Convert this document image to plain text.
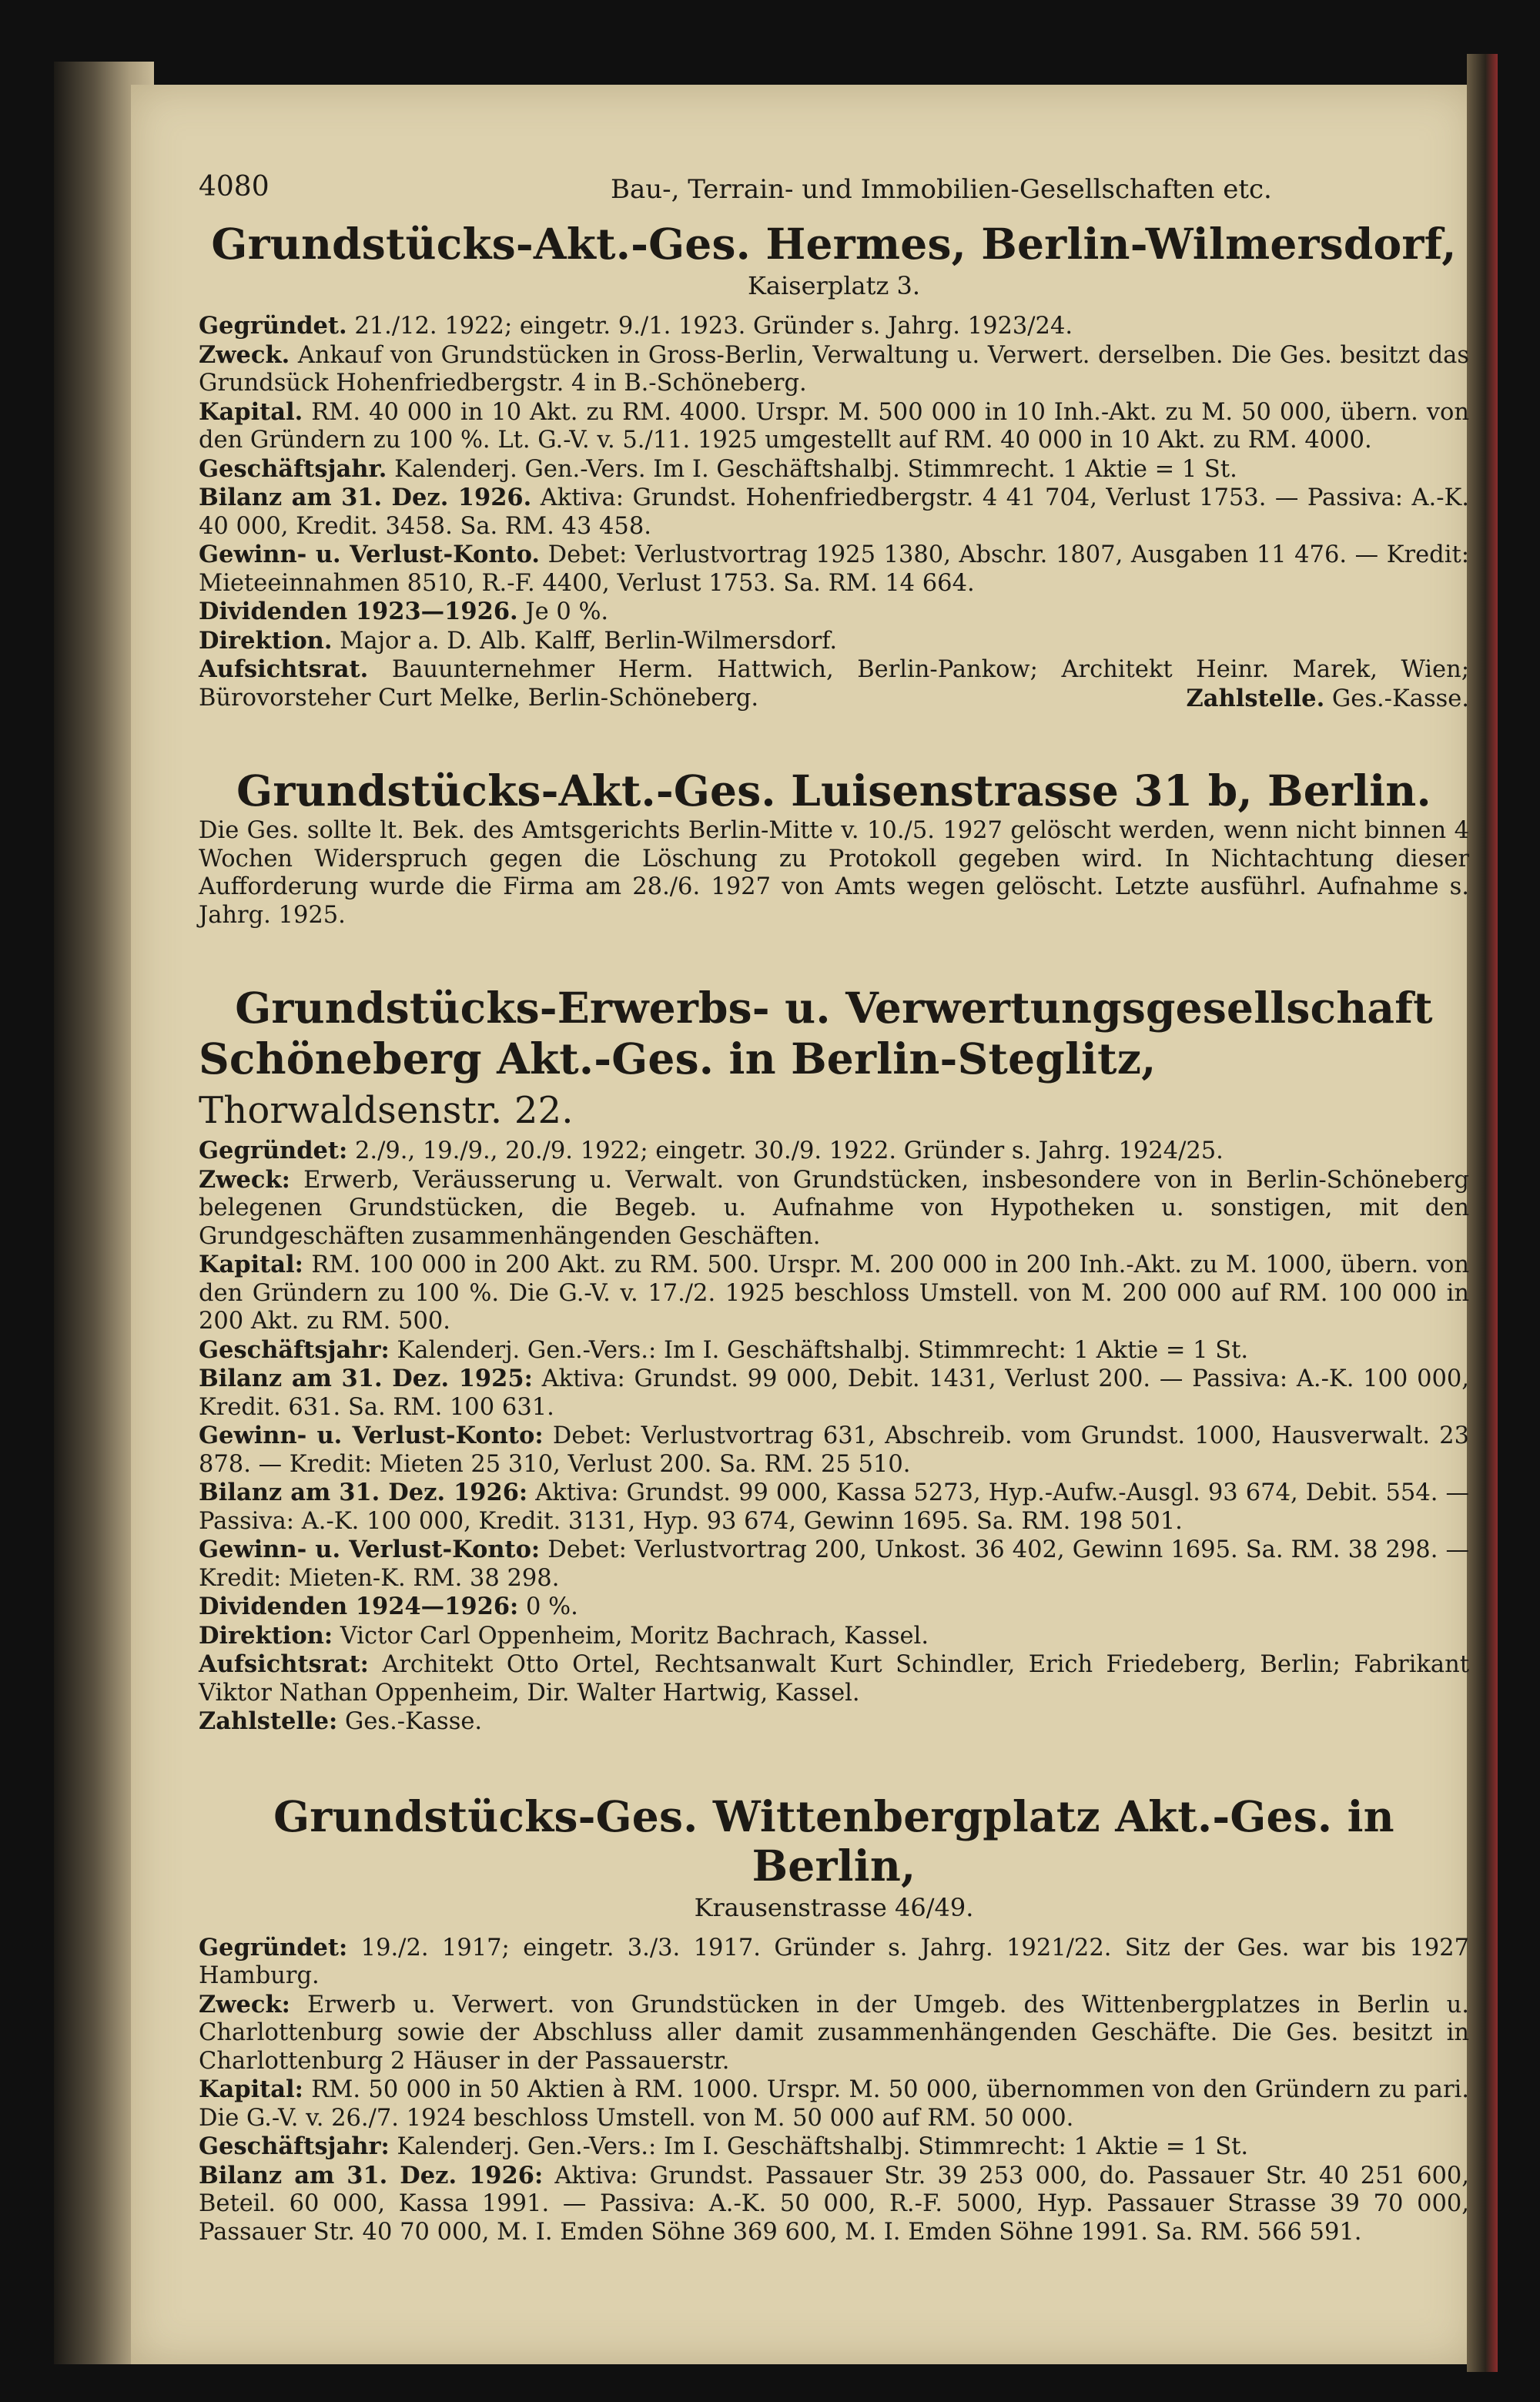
4080	Bau-, Terrain- und Immobilien-Gesellschaften etc.
Grundstücks-Akt.-Ges. Hermes, Berlin-Wilmersdorf,
Kaiserplatz 3.

Gegründet. 21./12. 1922; eingetr. 9./1. 1923. Gründer s. Jahrg. 1923/24.

Zweck. Ankauf von Grundstücken in Gross-Berlin, Verwaltung u. Verwert. derselben. Die Ges. besitzt das Grundsück Hohenfriedbergstr. 4 in B.-Schöneberg.

Kapital. RM. 40 000 in 10 Akt. zu RM. 4000. Urspr. M. 500 000 in 10 Inh.-Akt. zu M. 50 000, übern. von den Gründern zu 100 %. Lt. G.-V. v. 5./11. 1925 umgestellt auf RM. 40 000 in 10 Akt. zu RM. 4000.

Geschäftsjahr. Kalenderj. Gen.-Vers. Im I. Geschäftshalbj. Stimmrecht. 1 Aktie = 1 St.

Bilanz am 31. Dez. 1926. Aktiva: Grundst. Hohenfriedbergstr. 4 41 704, Verlust 1753. — Passiva: A.-K. 40 000, Kredit. 3458. Sa. RM. 43 458.

Gewinn- u. Verlust-Konto. Debet: Verlustvortrag 1925 1380, Abschr. 1807, Ausgaben 11 476. — Kredit: Mieteeinnahmen 8510, R.-F. 4400, Verlust 1753. Sa. RM. 14 664.

Dividenden 1923—1926. Je 0 %.

Direktion. Major a. D. Alb. Kalff, Berlin-Wilmersdorf.

Aufsichtsrat. Bauunternehmer Herm. Hattwich, Berlin-Pankow; Architekt Heinr. Marek, Wien; Bürovorsteher Curt Melke, Berlin-Schöneberg.	Zahlstelle. Ges.-Kasse.

Grundstücks-Akt.-Ges. Luisenstrasse 31 b, Berlin.

Die Ges. sollte lt. Bek. des Amtsgerichts Berlin-Mitte v. 10./5. 1927 gelöscht werden, wenn nicht binnen 4 Wochen Widerspruch gegen die Löschung zu Protokoll gegeben wird. In Nichtachtung dieser Aufforderung wurde die Firma am 28./6. 1927 von Amts wegen gelöscht. Letzte ausführl. Aufnahme s. Jahrg. 1925.

Grundstücks-Erwerbs- u. Verwertungsgesellschaft
Schöneberg Akt.-Ges. in Berlin-Steglitz, Thorwaldsenstr. 22.

Gegründet: 2./9., 19./9., 20./9. 1922; eingetr. 30./9. 1922. Gründer s. Jahrg. 1924/25.

Zweck: Erwerb, Veräusserung u. Verwalt. von Grundstücken, insbesondere von in Berlin-Schöneberg belegenen Grundstücken, die Begeb. u. Aufnahme von Hypotheken u. sonstigen, mit den Grundgeschäften zusammenhängenden Geschäften.

Kapital: RM. 100 000 in 200 Akt. zu RM. 500. Urspr. M. 200 000 in 200 Inh.-Akt. zu M. 1000, übern. von den Gründern zu 100 %. Die G.-V. v. 17./2. 1925 beschloss Umstell. von M. 200 000 auf RM. 100 000 in 200 Akt. zu RM. 500.

Geschäftsjahr: Kalenderj. Gen.-Vers.: Im I. Geschäftshalbj. Stimmrecht: 1 Aktie = 1 St.

Bilanz am 31. Dez. 1925: Aktiva: Grundst. 99 000, Debit. 1431, Verlust 200. — Passiva: A.-K. 100 000, Kredit. 631. Sa. RM. 100 631.

Gewinn- u. Verlust-Konto: Debet: Verlustvortrag 631, Abschreib. vom Grundst. 1000, Hausverwalt. 23 878. — Kredit: Mieten 25 310, Verlust 200. Sa. RM. 25 510.

Bilanz am 31. Dez. 1926: Aktiva: Grundst. 99 000, Kassa 5273, Hyp.-Aufw.-Ausgl. 93 674, Debit. 554. — Passiva: A.-K. 100 000, Kredit. 3131, Hyp. 93 674, Gewinn 1695. Sa. RM. 198 501.

Gewinn- u. Verlust-Konto: Debet: Verlustvortrag 200, Unkost. 36 402, Gewinn 1695. Sa. RM. 38 298. — Kredit: Mieten-K. RM. 38 298.

Dividenden 1924—1926: 0 %.

Direktion: Victor Carl Oppenheim, Moritz Bachrach, Kassel.

Aufsichtsrat: Architekt Otto Ortel, Rechtsanwalt Kurt Schindler, Erich Friedeberg, Berlin; Fabrikant Viktor Nathan Oppenheim, Dir. Walter Hartwig, Kassel.

Zahlstelle: Ges.-Kasse.

Grundstücks-Ges. Wittenbergplatz Akt.-Ges. in Berlin,
Krausenstrasse 46/49.

Gegründet: 19./2. 1917; eingetr. 3./3. 1917. Gründer s. Jahrg. 1921/22. Sitz der Ges. war bis 1927 Hamburg.

Zweck: Erwerb u. Verwert. von Grundstücken in der Umgeb. des Wittenbergplatzes in Berlin u. Charlottenburg sowie der Abschluss aller damit zusammenhängenden Geschäfte. Die Ges. besitzt in Charlottenburg 2 Häuser in der Passauerstr.

Kapital: RM. 50 000 in 50 Aktien à RM. 1000. Urspr. M. 50 000, übernommen von den Gründern zu pari. Die G.-V. v. 26./7. 1924 beschloss Umstell. von M. 50 000 auf RM. 50 000.

Geschäftsjahr: Kalenderj. Gen.-Vers.: Im I. Geschäftshalbj. Stimmrecht: 1 Aktie = 1 St.

Bilanz am 31. Dez. 1926: Aktiva: Grundst. Passauer Str. 39 253 000, do. Passauer Str. 40 251 600, Beteil. 60 000, Kassa 1991. — Passiva: A.-K. 50 000, R.-F. 5000, Hyp. Passauer Strasse 39 70 000, Passauer Str. 40 70 000, M. I. Emden Söhne 369 600, M. I. Emden Söhne 1991. Sa. RM. 566 591.
